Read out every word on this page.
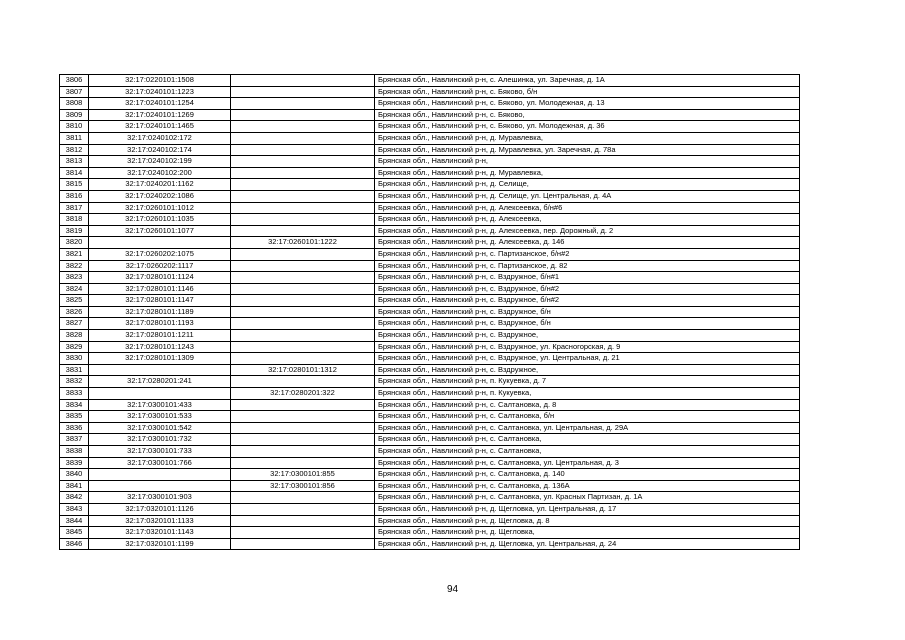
3806	32:17:0220101:1508		Брянская обл., Навлинский р-н, с. Алешинка, ул. Заречная, д. 1А
3807	32:17:0240101:1223		Брянская обл., Навлинский р-н, с. Бяково, б/н
3808	32:17:0240101:1254		Брянская обл., Навлинский р-н, с. Бяково, ул. Молодежная, д. 13
3809	32:17:0240101:1269		Брянская обл., Навлинский р-н, с. Бяково,
3810	32:17:0240101:1465		Брянская обл., Навлинский р-н, с. Бяково, ул. Молодежная, д. 36
3811	32:17:0240102:172		Брянская обл., Навлинский р-н, д. Муравлевка,
3812	32:17:0240102:174		Брянская обл., Навлинский р-н, д. Муравлевка, ул. Заречная, д. 78а
3813	32:17:0240102:199		Брянская обл., Навлинский р-н,
3814	32:17:0240102:200		Брянская обл., Навлинский р-н, д. Муравлевка,
3815	32:17:0240201:1162		Брянская обл., Навлинский р-н, д. Селище,
3816	32:17:0240202:1086		Брянская обл., Навлинский р-н, д. Селище, ул. Центральная, д. 4А
3817	32:17:0260101:1012		Брянская обл., Навлинский р-н, д. Алексеевка, б/н#6
3818	32:17:0260101:1035		Брянская обл., Навлинский р-н, д. Алексеевка,
3819	32:17:0260101:1077		Брянская обл., Навлинский р-н, д. Алексеевка, пер. Дорожный, д. 2
3820		32:17:0260101:1222	Брянская обл., Навлинский р-н, д. Алексеевка, д. 146
3821	32:17:0260202:1075		Брянская обл., Навлинский р-н, с. Партизанское, б/н#2
3822	32:17:0260202:1117		Брянская обл., Навлинский р-н, с. Партизанское, д. 82
3823	32:17:0280101:1124		Брянская обл., Навлинский р-н, с. Вздружное, б/н#1
3824	32:17:0280101:1146		Брянская обл., Навлинский р-н, с. Вздружное, б/н#2
3825	32:17:0280101:1147		Брянская обл., Навлинский р-н, с. Вздружное, б/н#2
3826	32:17:0280101:1189		Брянская обл., Навлинский р-н, с. Вздружное, б/н
3827	32:17:0280101:1193		Брянская обл., Навлинский р-н, с. Вздружное, б/н
3828	32:17:0280101:1211		Брянская обл., Навлинский р-н, с. Вздружное,
3829	32:17:0280101:1243		Брянская обл., Навлинский р-н, с. Вздружное, ул. Красногорская, д. 9
3830	32:17:0280101:1309		Брянская обл., Навлинский р-н, с. Вздружное, ул. Центральная, д. 21
3831		32:17:0280101:1312	Брянская обл., Навлинский р-н, с. Вздружное,
3832	32:17:0280201:241		Брянская обл., Навлинский р-н, п. Кукуевка, д. 7
3833		32:17:0280201:322	Брянская обл., Навлинский р-н, п. Кукуевка,
3834	32:17:0300101:433		Брянская обл., Навлинский р-н, с. Салтановка, д. 8
3835	32:17:0300101:533		Брянская обл., Навлинский р-н, с. Салтановка, б/н
3836	32:17:0300101:542		Брянская обл., Навлинский р-н, с. Салтановка, ул. Центральная, д. 29А
3837	32:17:0300101:732		Брянская обл., Навлинский р-н, с. Салтановка,
3838	32:17:0300101:733		Брянская обл., Навлинский р-н, с. Салтановка,
3839	32:17:0300101:766		Брянская обл., Навлинский р-н, с. Салтановка, ул. Центральная, д. 3
3840		32:17:0300101:855	Брянская обл., Навлинский р-н, с. Салтановка, д. 140
3841		32:17:0300101:856	Брянская обл., Навлинский р-н, с. Салтановка, д. 136А
3842	32:17:0300101:903		Брянская обл., Навлинский р-н, с. Салтановка, ул. Красных Партизан, д. 1А
3843	32:17:0320101:1126		Брянская обл., Навлинский р-н, д. Щегловка, ул. Центральная, д. 17
3844	32:17:0320101:1133		Брянская обл., Навлинский р-н, д. Щегловка, д. 8
3845	32:17:0320101:1143		Брянская обл., Навлинский р-н, д. Щегловка,
3846	32:17:0320101:1199		Брянская обл., Навлинский р-н, д. Щегловка, ул. Центральная, д. 24
94
